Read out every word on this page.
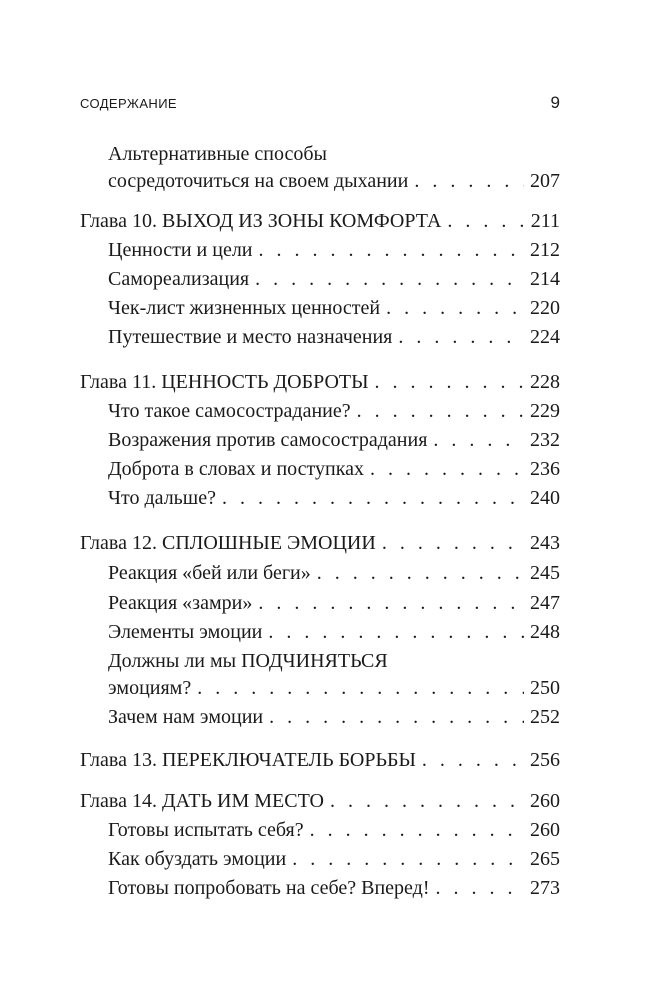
СОДЕРЖАНИЕ	9
Альтернативные способы
сосредоточиться на своем дыхании . . .	207
Глава 10. ВЫХОД ИЗ ЗОНЫ КОМФОРТА . . .	211
Ценности и цели . . .	212
Самореализация . . .	214
Чек-лист жизненных ценностей . . .	220
Путешествие и место назначения . . .	224
Глава 11. ЦЕННОСТЬ ДОБРОТЫ . . .	228
Что такое самосострадание? . . .	229
Возражения против самосострадания . . .	232
Доброта в словах и поступках . . .	236
Что дальше? . . .	240
Глава 12. СПЛОШНЫЕ ЭМОЦИИ . . .	243
Реакция «бей или беги» . . .	245
Реакция «замри» . . .	247
Элементы эмоции . . .	248
Должны ли мы ПОДЧИНЯТЬСЯ
эмоциям? . . .	250
Зачем нам эмоции . . .	252
Глава 13. ПЕРЕКЛЮЧАТЕЛЬ БОРЬБЫ . . .	256
Глава 14. ДАТЬ ИМ МЕСТО . . .	260
Готовы испытать себя? . . .	260
Как обуздать эмоции . . .	265
Готовы попробовать на себе? Вперед! . . .	273
